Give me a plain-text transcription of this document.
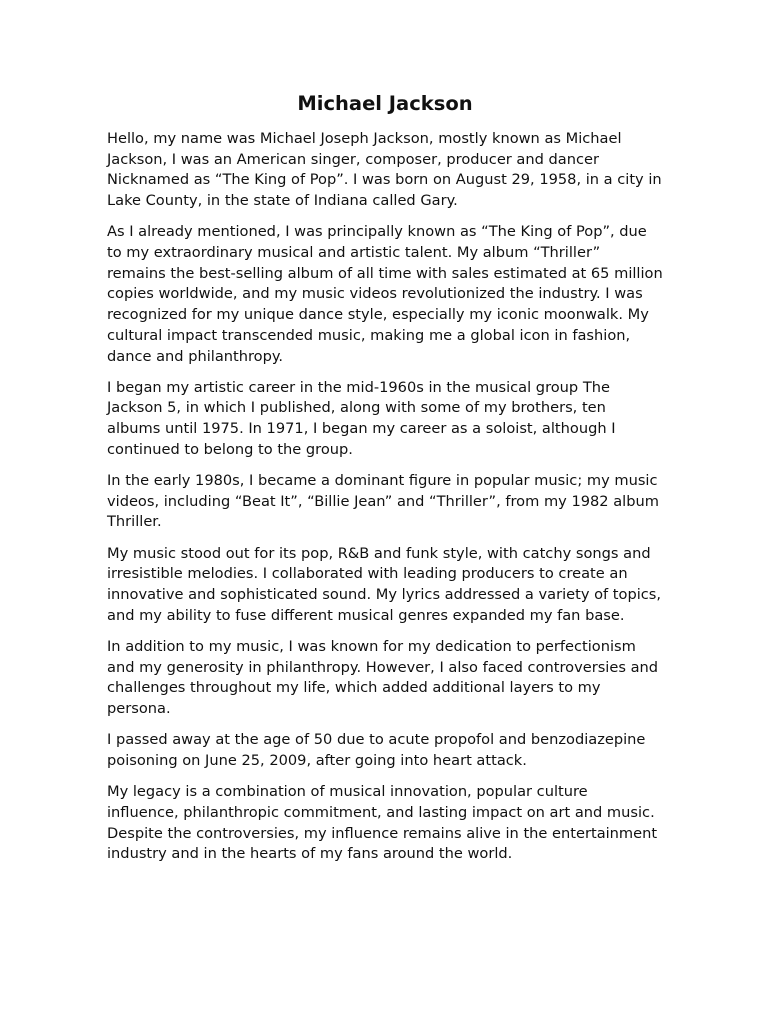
Michael Jackson

Hello, my name was Michael Joseph Jackson, mostly known as Michael Jackson, I was an American singer, composer, producer and dancer Nicknamed as “The King of Pop”. I was born on August 29, 1958, in a city in Lake County, in the state of Indiana called Gary.

As I already mentioned, I was principally known as “The King of Pop”, due to my extraordinary musical and artistic talent. My album “Thriller” remains the best-selling album of all time with sales estimated at 65 million copies worldwide, and my music videos revolutionized the industry. I was recognized for my unique dance style, especially my iconic moonwalk. My cultural impact transcended music, making me a global icon in fashion, dance and philanthropy.

I began my artistic career in the mid-1960s in the musical group The Jackson 5, in which I published, along with some of my brothers, ten albums until 1975. In 1971, I began my career as a soloist, although I continued to belong to the group.

In the early 1980s, I became a dominant figure in popular music; my music videos, including “Beat It”, “Billie Jean” and “Thriller”, from my 1982 album Thriller.

My music stood out for its pop, R&B and funk style, with catchy songs and irresistible melodies. I collaborated with leading producers to create an innovative and sophisticated sound. My lyrics addressed a variety of topics, and my ability to fuse different musical genres expanded my fan base.

In addition to my music, I was known for my dedication to perfectionism and my generosity in philanthropy. However, I also faced controversies and challenges throughout my life, which added additional layers to my persona.

I passed away at the age of 50 due to acute propofol and benzodiazepine poisoning on June 25, 2009, after going into heart attack.

My legacy is a combination of musical innovation, popular culture influence, philanthropic commitment, and lasting impact on art and music. Despite the controversies, my influence remains alive in the entertainment industry and in the hearts of my fans around the world.
